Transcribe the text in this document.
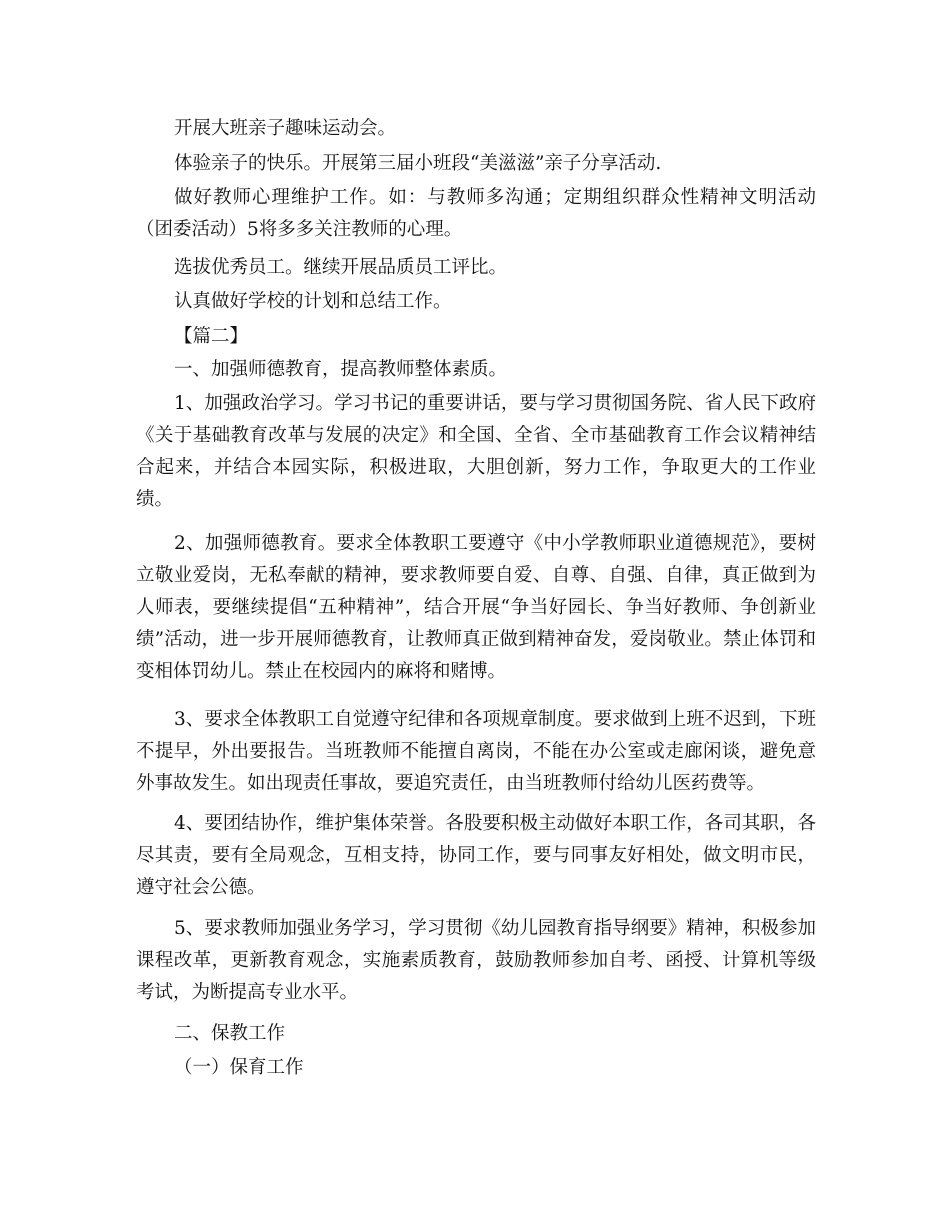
开展大班亲子趣味运动会。

体验亲子的快乐。开展第三届小班段“美滋滋”亲子分享活动.

做好教师心理维护工作。如：与教师多沟通；定期组织群众性精神文明活动（团委活动）5将多多关注教师的心理。

选拔优秀员工。继续开展品质员工评比。

认真做好学校的计划和总结工作。

【篇二】

一、加强师德教育，提高教师整体素质。

1、加强政治学习。学习书记的重要讲话，要与学习贯彻国务院、省人民下政府《关于基础教育改革与发展的决定》和全国、全省、全市基础教育工作会议精神结合起来，并结合本园实际，积极进取，大胆创新，努力工作，争取更大的工作业绩。

2、加强师德教育。要求全体教职工要遵守《中小学教师职业道德规范》，要树立敬业爱岗，无私奉献的精神，要求教师要自爱、自尊、自强、自律，真正做到为人师表，要继续提倡“五种精神”，结合开展“争当好园长、争当好教师、争创新业绩”活动，进一步开展师德教育，让教师真正做到精神奋发，爱岗敬业。禁止体罚和变相体罚幼儿。禁止在校园内的麻将和赌博。

3、要求全体教职工自觉遵守纪律和各项规章制度。要求做到上班不迟到，下班不提早，外出要报告。当班教师不能擅自离岗，不能在办公室或走廊闲谈，避免意外事故发生。如出现责任事故，要追究责任，由当班教师付给幼儿医药费等。

4、要团结协作，维护集体荣誉。各股要积极主动做好本职工作，各司其职，各尽其责，要有全局观念，互相支持，协同工作，要与同事友好相处，做文明市民，遵守社会公德。

5、要求教师加强业务学习，学习贯彻《幼儿园教育指导纲要》精神，积极参加课程改革，更新教育观念，实施素质教育，鼓励教师参加自考、函授、计算机等级考试，为断提高专业水平。

二、保教工作

（一）保育工作
